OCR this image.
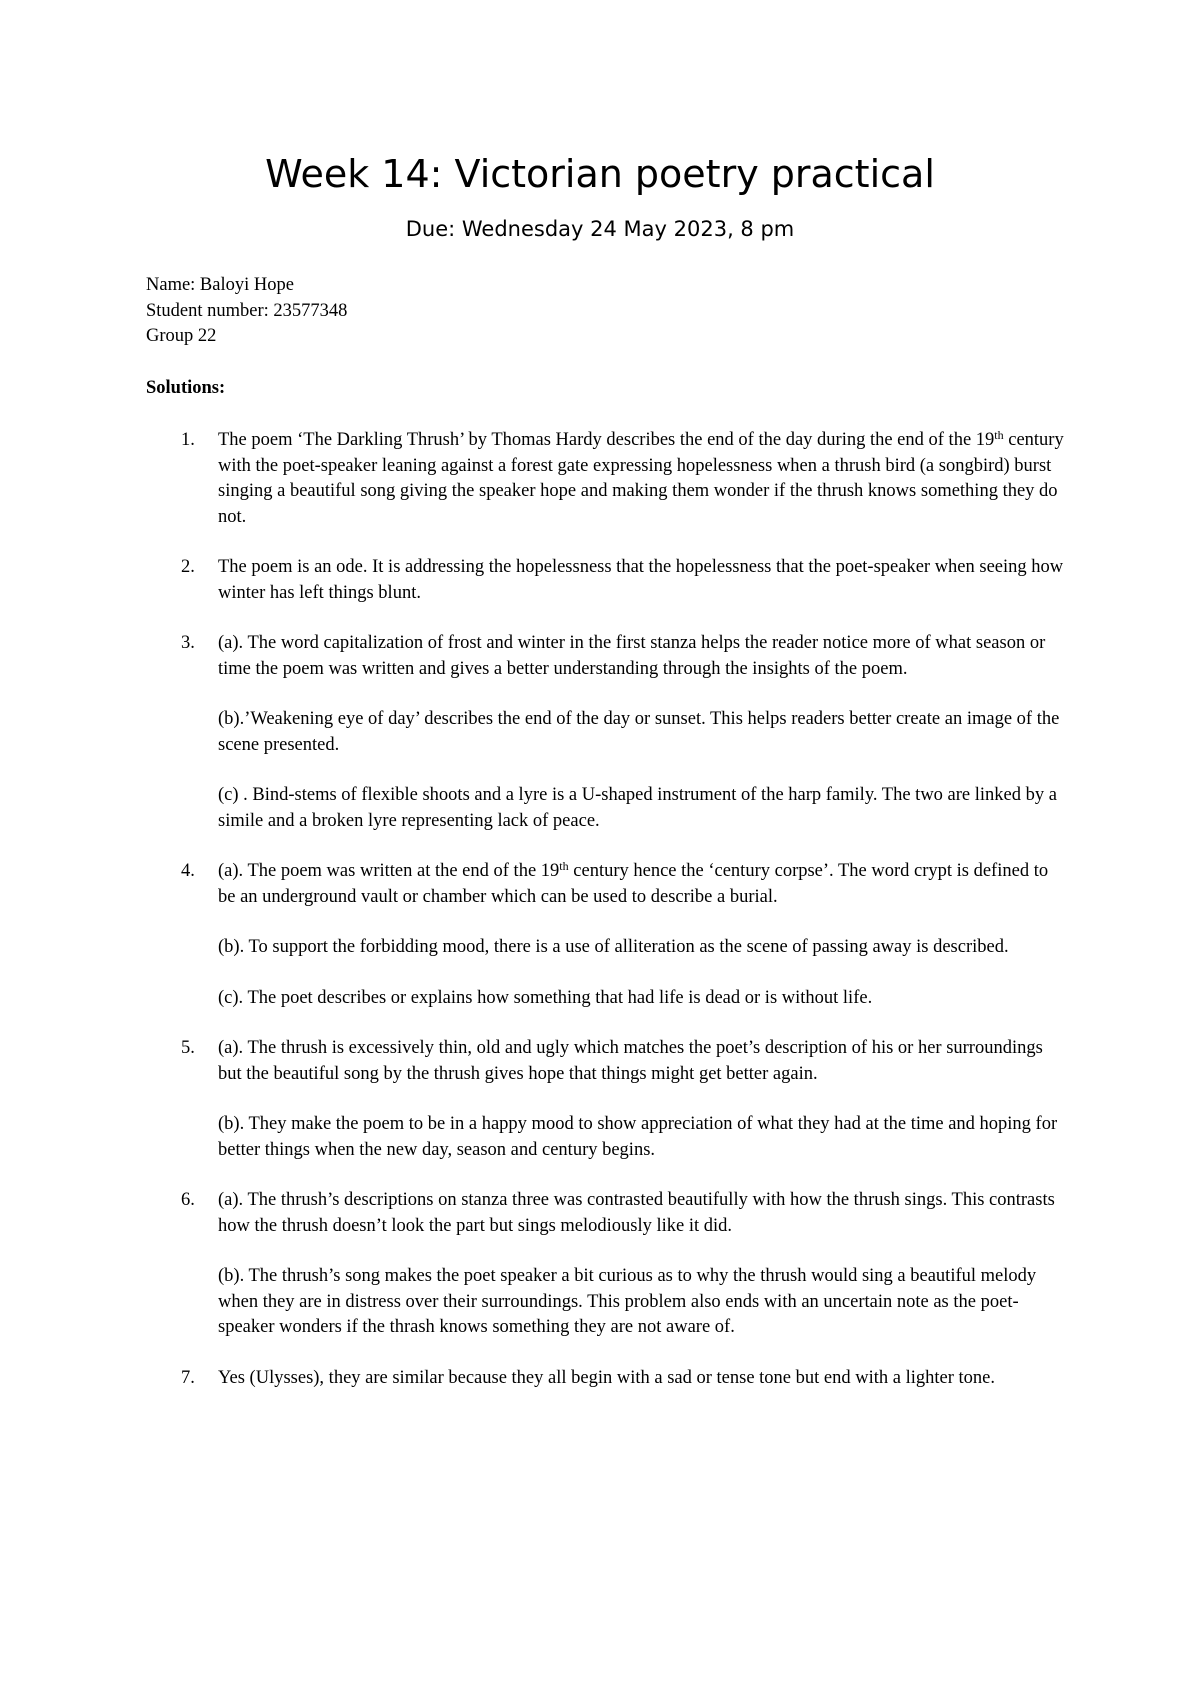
Week 14: Victorian poetry practical
Due: Wednesday 24 May 2023, 8 pm
Name: Baloyi Hope
Student number: 23577348
Group 22
Solutions:
1. The poem ‘The Darkling Thrush’ by Thomas Hardy describes the end of the day during the end of the 19th century with the poet-speaker leaning against a forest gate expressing hopelessness when a thrush bird (a songbird) burst singing a beautiful song giving the speaker hope and making them wonder if the thrush knows something they do not.

2. The poem is an ode. It is addressing the hopelessness that the hopelessness that the poet-speaker when seeing how winter has left things blunt.

3. (a). The word capitalization of frost and winter in the first stanza helps the reader notice more of what season or time the poem was written and gives a better understanding through the insights of the poem.

(b).’Weakening eye of day’ describes the end of the day or sunset. This helps readers better create an image of the scene presented.

(c) . Bind-stems of flexible shoots and a lyre is a U-shaped instrument of the harp family. The two are linked by a simile and a broken lyre representing lack of peace.

4. (a). The poem was written at the end of the 19th century hence the ‘century corpse’. The word crypt is defined to be an underground vault or chamber which can be used to describe a burial.

(b). To support the forbidding mood, there is a use of alliteration as the scene of passing away is described.

(c). The poet describes or explains how something that had life is dead or is without life.

5. (a). The thrush is excessively thin, old and ugly which matches the poet’s description of his or her surroundings but the beautiful song by the thrush gives hope that things might get better again.

(b). They make the poem to be in a happy mood to show appreciation of what they had at the time and hoping for better things when the new day, season and century begins.

6. (a). The thrush’s descriptions on stanza three was contrasted beautifully with how the thrush sings. This contrasts how the thrush doesn’t look the part but sings melodiously like it did.

(b). The thrush’s song makes the poet speaker a bit curious as to why the thrush would sing a beautiful melody when they are in distress over their surroundings. This problem also ends with an uncertain note as the poet-speaker wonders if the thrash knows something they are not aware of.

7. Yes (Ulysses), they are similar because they all begin with a sad or tense tone but end with a lighter tone.
